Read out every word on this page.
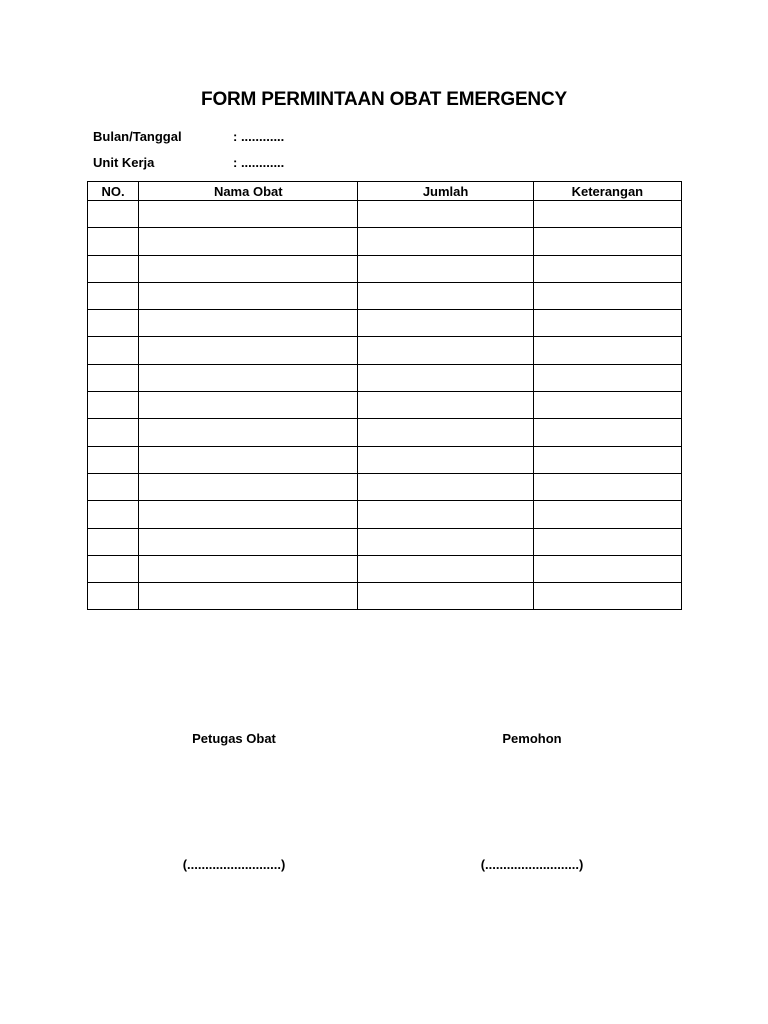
FORM PERMINTAAN OBAT EMERGENCY
Bulan/Tanggal	: ............
Unit Kerja	: ............
NO.	Nama Obat	Jumlah	Keterangan

Petugas Obat	Pemohon
(..........................)	(..........................)
